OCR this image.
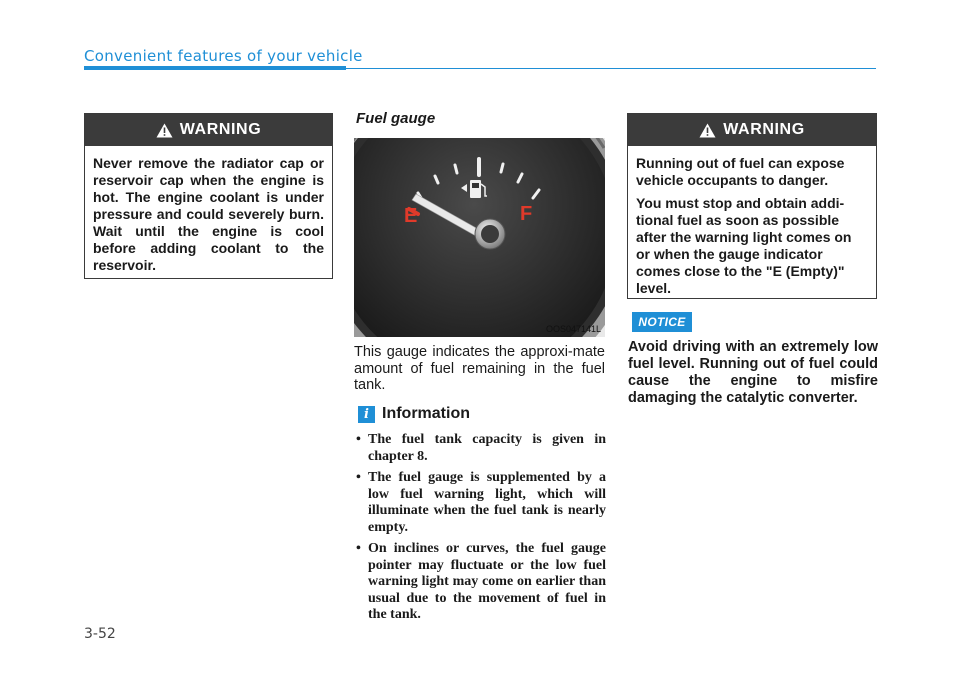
Convenient features of your vehicle
WARNING

Never remove the radiator cap or reservoir cap when the engine is hot. The engine coolant is under pressure and could severely burn. Wait until the engine is cool before adding coolant to the reservoir.

Fuel gauge
E	F
OOS047141L

This gauge indicates the approxi-mate amount of fuel remaining in the fuel tank.

i Information
• The fuel tank capacity is given in chapter 8.
• The fuel gauge is supplemented by a low fuel warning light, which will illuminate when the fuel tank is nearly empty.
• On inclines or curves, the fuel gauge pointer may fluctuate or the low fuel warning light may come on earlier than usual due to the movement of fuel in the tank.
WARNING

Running out of fuel can expose vehicle occupants to danger.

You must stop and obtain addi-tional fuel as soon as possible after the warning light comes on or when the gauge indicator comes close to the "E (Empty)" level.

NOTICE

Avoid driving with an extremely low fuel level. Running out of fuel could cause the engine to misfire damaging the catalytic converter.

3-52
